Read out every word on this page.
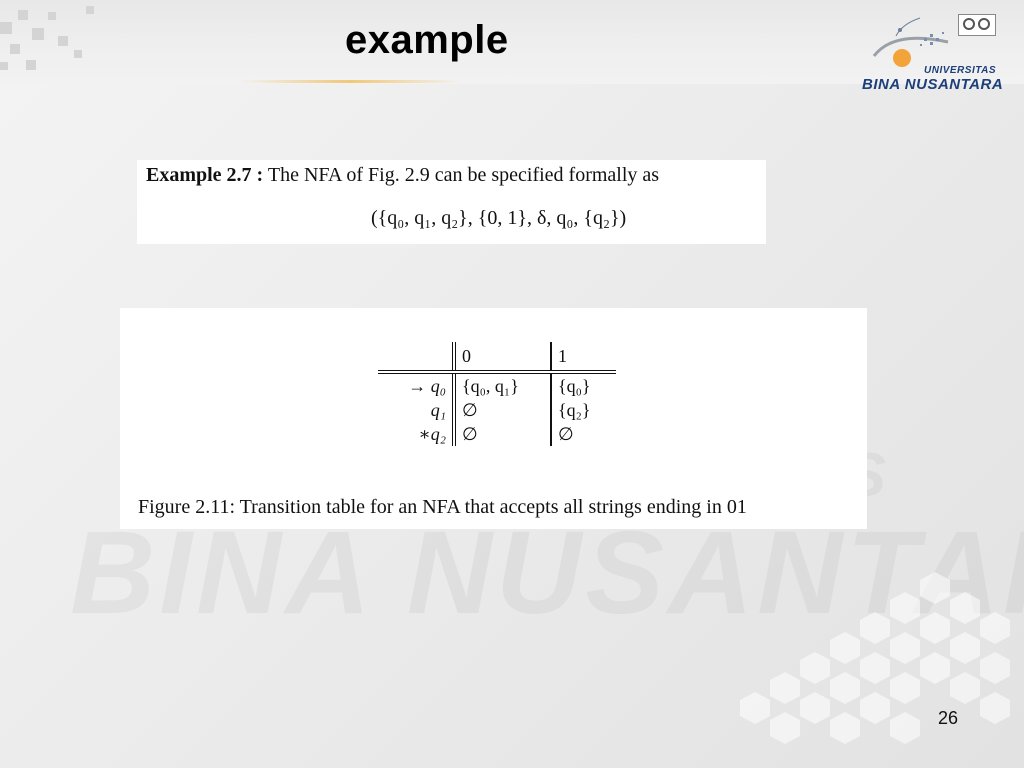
example
UNIVERSITAS
BINA NUSANTARA
Example 2.7 : The NFA of Fig. 2.9 can be specified formally as
({q₀, q₁, q₂}, {0, 1}, δ, q₀, {q₂})
	0	1
→ q₀	{q₀, q₁}	{q₀}
q₁	∅	{q₂}
∗q₂	∅	∅
Figure 2.11: Transition table for an NFA that accepts all strings ending in 01
26
